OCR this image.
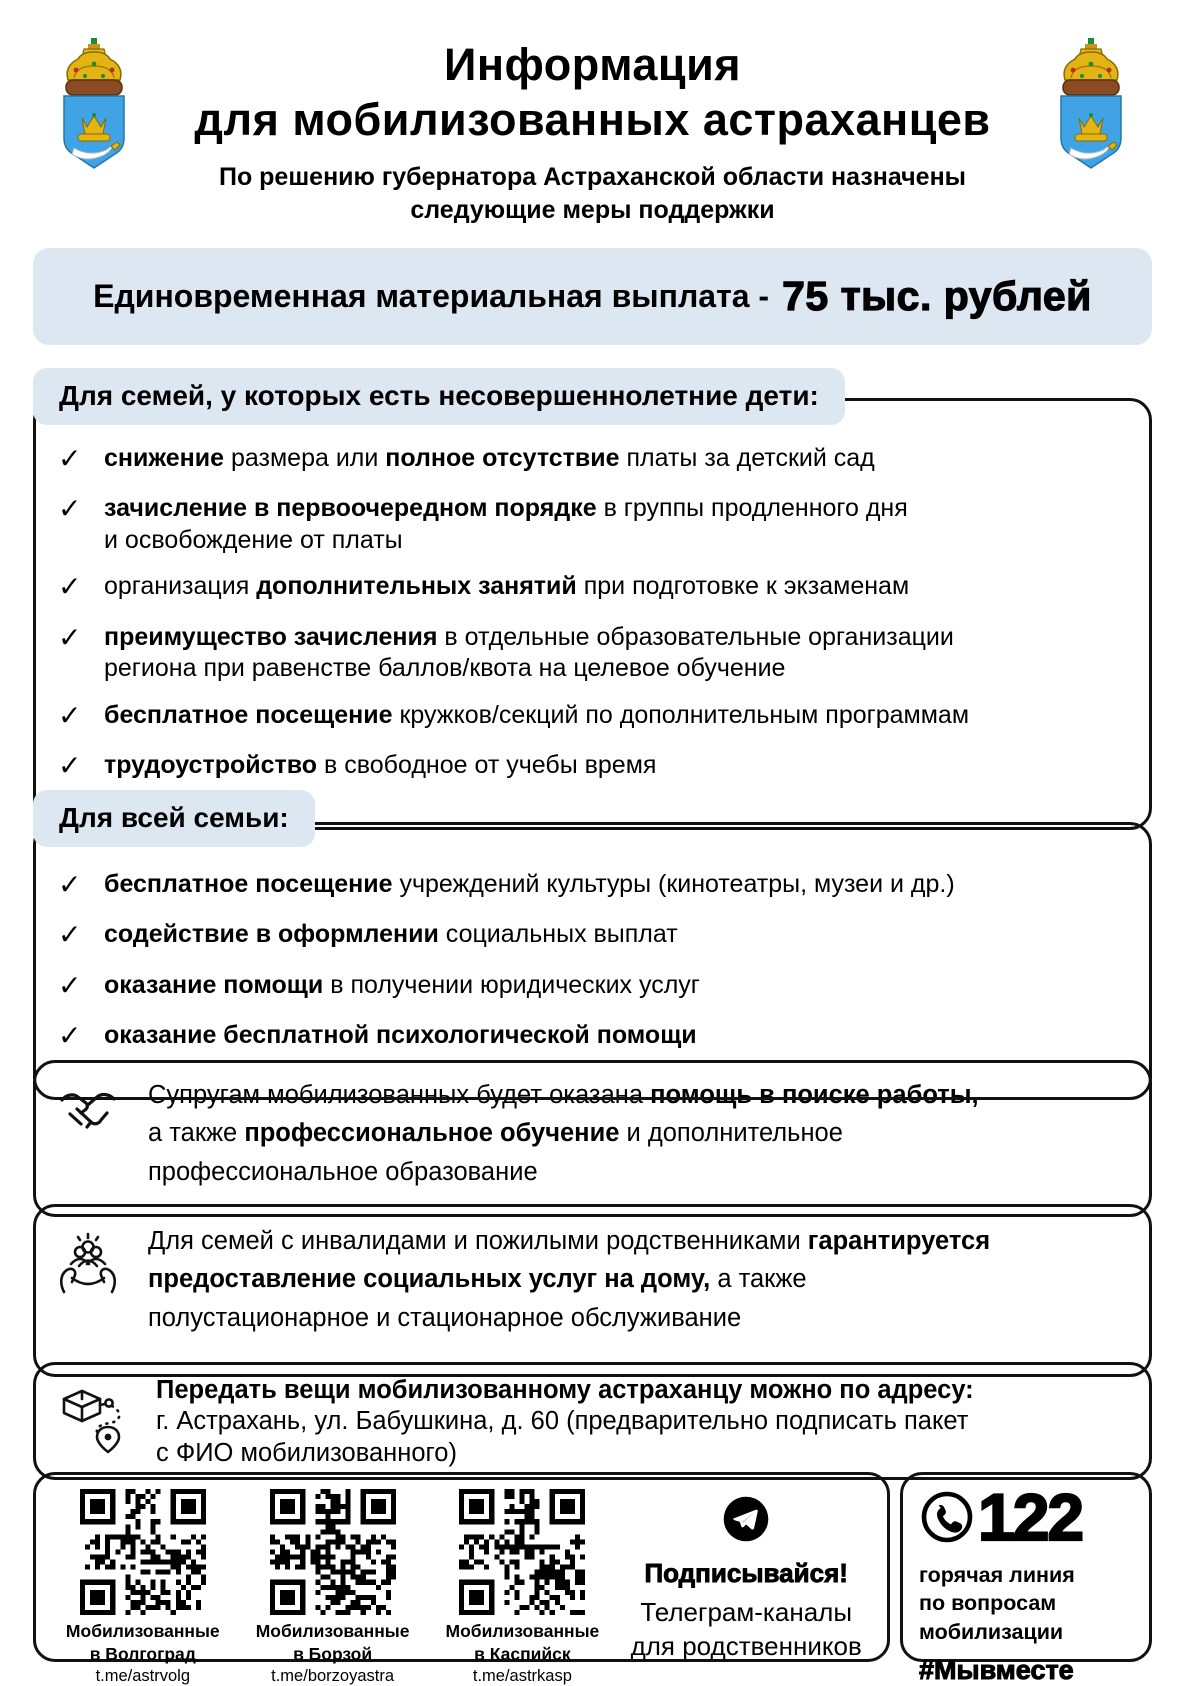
Информация
для мобилизованных астраханцев
По решению губернатора Астраханской области назначены
следующие меры поддержки
Единовременная материальная выплата - 75 тыс. рублей
Для семей, у которых есть несовершеннолетние дети:
✓ снижение размера или полное отсутствие платы за детский сад
✓ зачисление в первоочередном порядке в группы продленного дня
и освобождение от платы
✓ организация дополнительных занятий при подготовке к экзаменам
✓ преимущество зачисления в отдельные образовательные организации
региона при равенстве баллов/квота на целевое обучение
✓ бесплатное посещение кружков/секций по дополнительным программам
✓ трудоустройство в свободное от учебы время
Для всей семьи:
✓ бесплатное посещение учреждений культуры (кинотеатры, музеи и др.)
✓ содействие в оформлении социальных выплат
✓ оказание помощи в получении юридических услуг
✓ оказание бесплатной психологической помощи
Супругам мобилизованных будет оказана помощь в поиске работы,
а также профессиональное обучение и дополнительное
профессиональное образование
Для семей с инвалидами и пожилыми родственниками гарантируется
предоставление социальных услуг на дому, а также
полустационарное и стационарное обслуживание
Передать вещи мобилизованному астраханцу можно по адресу:
г. Астрахань, ул. Бабушкина, д. 60 (предварительно подписать пакет
с ФИО мобилизованного)
Мобилизованные
в Волгоград
t.me/astrvolg
Мобилизованные
в Борзой
t.me/borzoyastra
Мобилизованные
в Каспийск
t.me/astrkasp
Подписывайся!
Телеграм-каналы
для родственников
122
горячая линия
по вопросам
мобилизации
#Мывместе
